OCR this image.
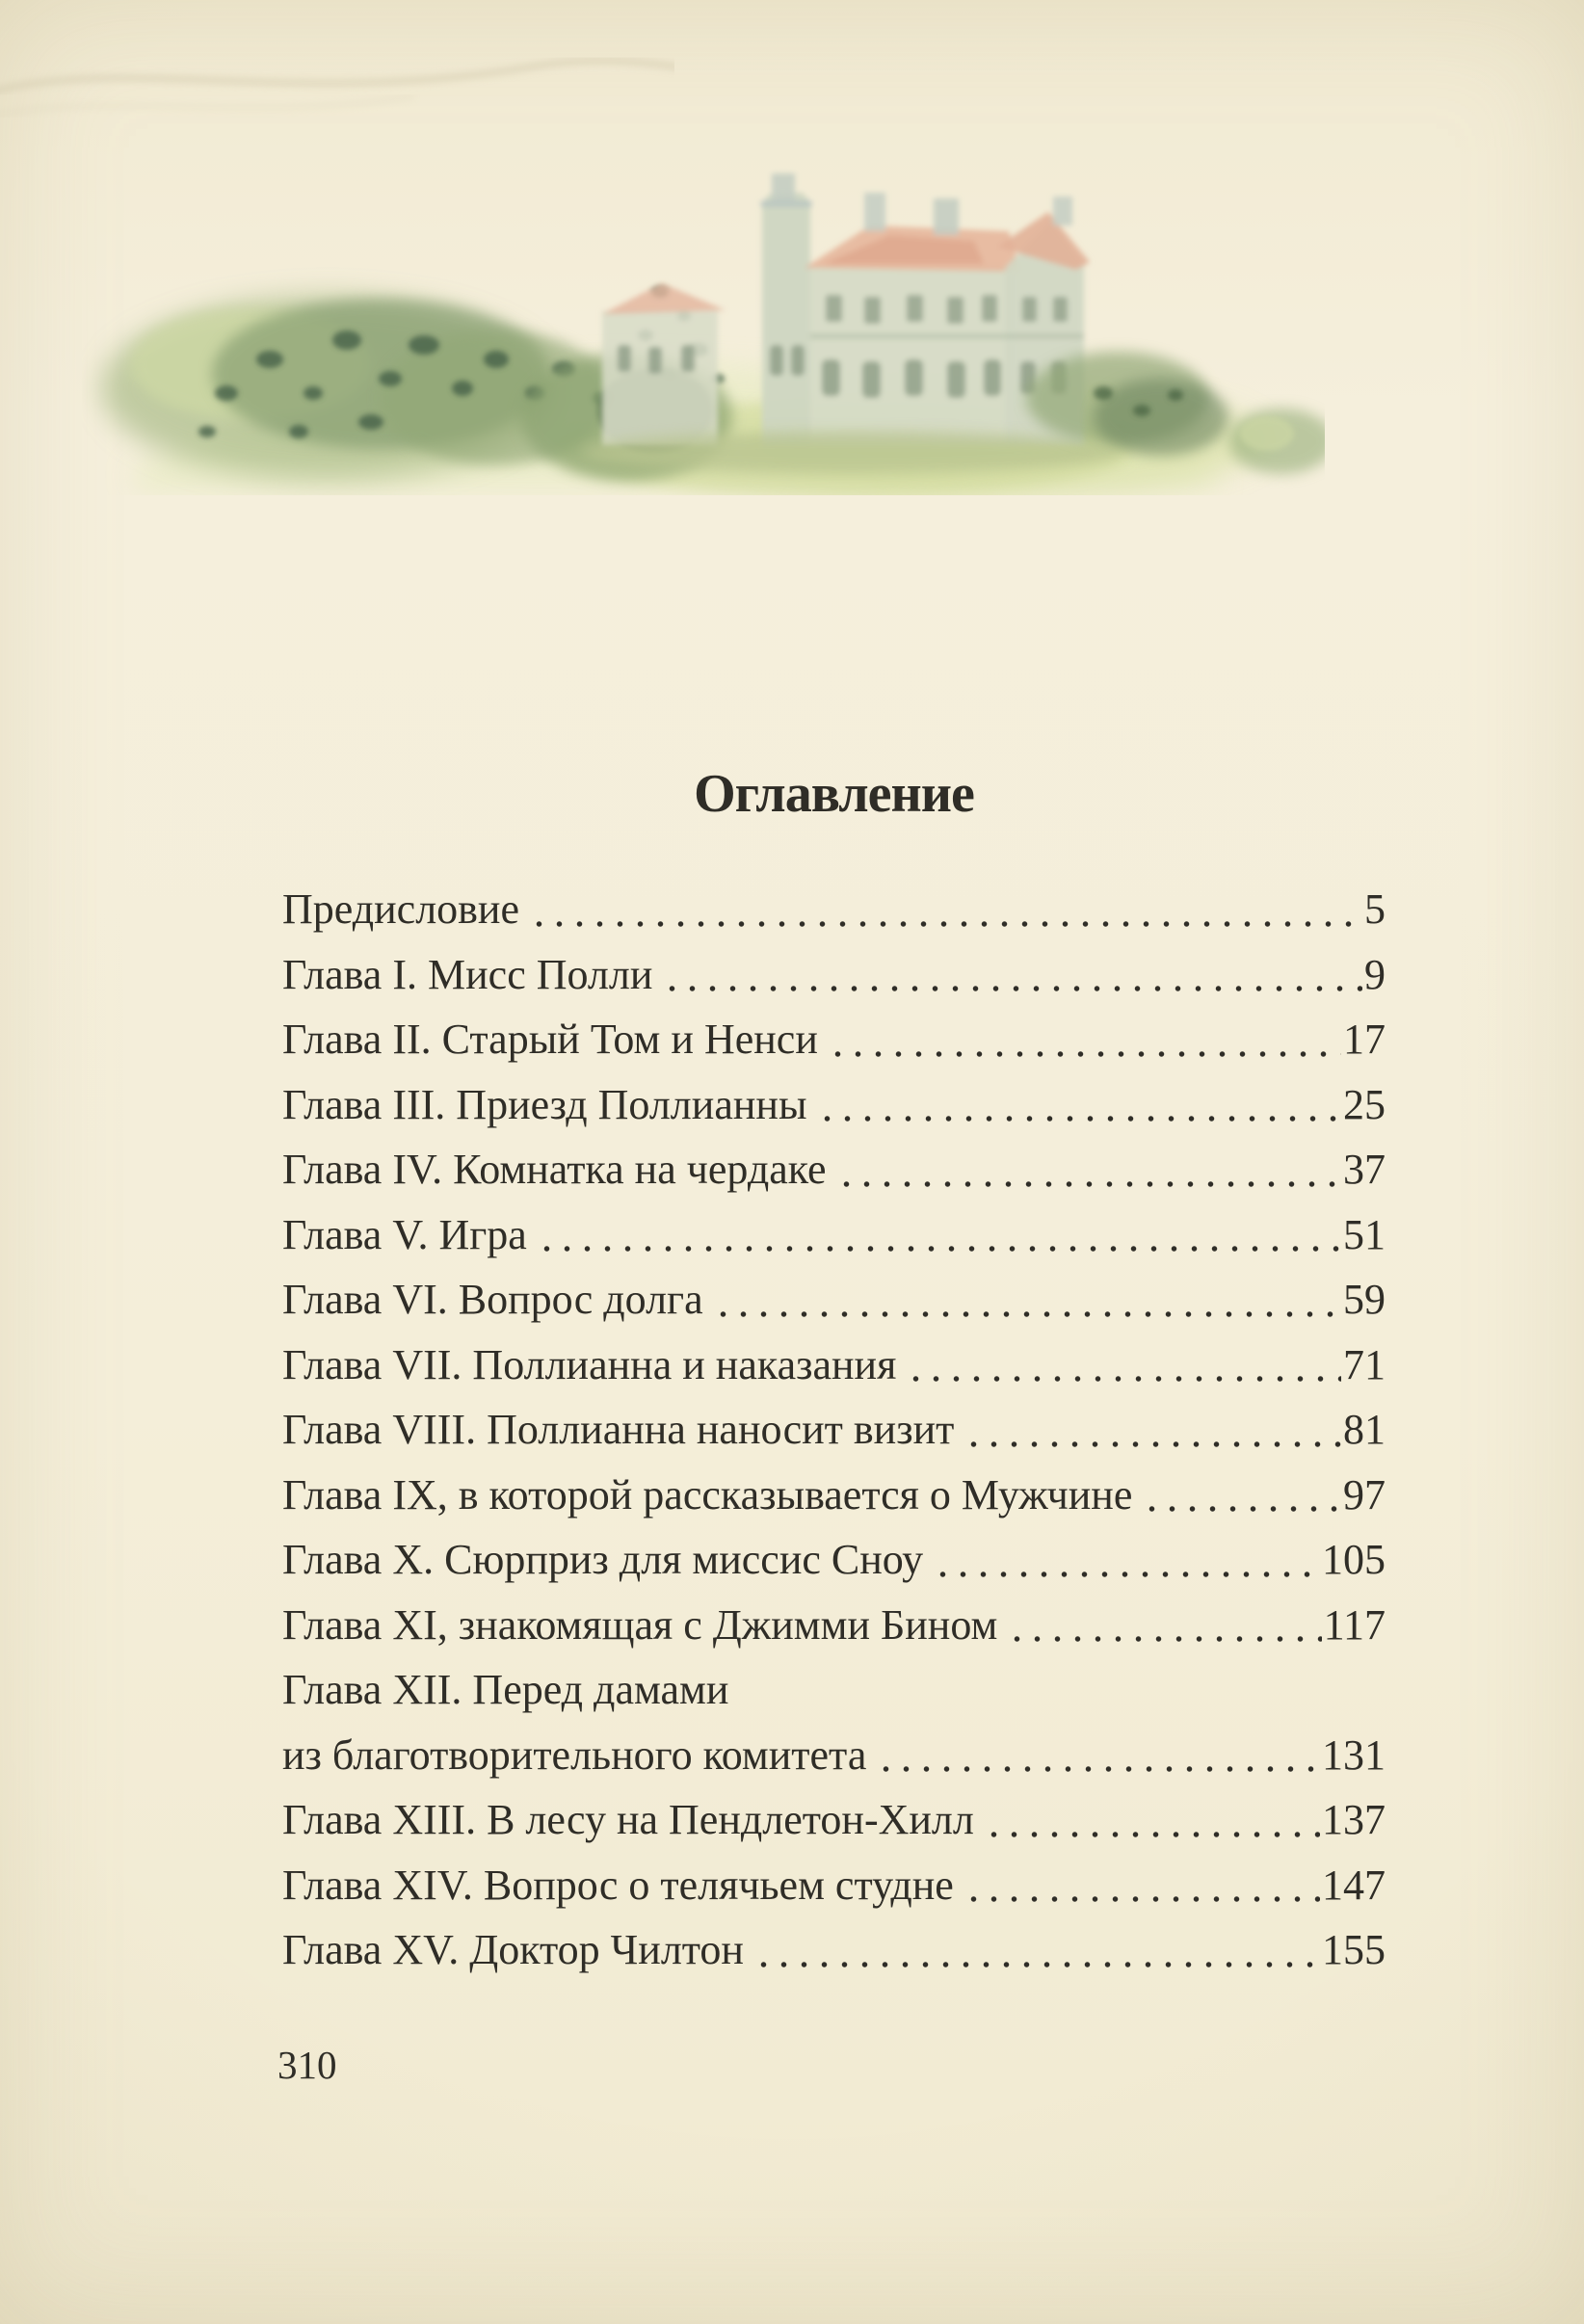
Оглавление
Предисловие	5
Глава I. Мисс Полли	9
Глава II. Старый Том и Ненси	17
Глава III. Приезд Поллианны	25
Глава IV. Комнатка на чердаке	37
Глава V. Игра	51
Глава VI. Вопрос долга	59
Глава VII. Поллианна и наказания	71
Глава VIII. Поллианна наносит визит	81
Глава IX, в которой рассказывается о Мужчине	97
Глава X. Сюрприз для миссис Сноу	105
Глава XI, знакомящая с Джимми Бином	117
Глава XII. Перед дамами
из благотворительного комитета	131
Глава XIII. В лесу на Пендлетон-Хилл	137
Глава XIV. Вопрос о телячьем студне	147
Глава XV. Доктор Чилтон	155
310
